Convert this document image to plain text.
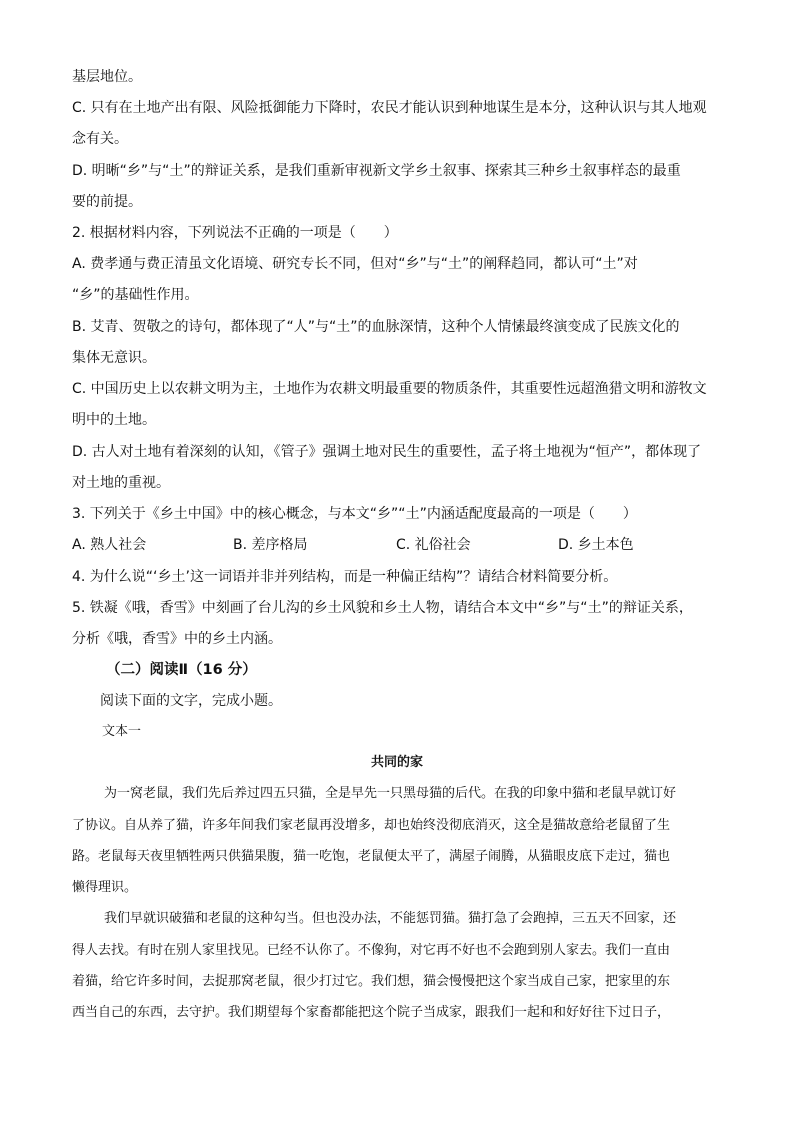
基层地位。
C. 只有在土地产出有限、风险抵御能力下降时，农民才能认识到种地谋生是本分，这种认识与其人地观
念有关。
D. 明晰“乡”与“土”的辩证关系，是我们重新审视新文学乡土叙事、探索其三种乡土叙事样态的最重
要的前提。
2. 根据材料内容，下列说法不正确的一项是（　　）
A. 费孝通与费正清虽文化语境、研究专长不同，但对“乡”与“土”的阐释趋同，都认可“土”对
“乡”的基础性作用。
B. 艾青、贺敬之的诗句，都体现了“人”与“土”的血脉深情，这种个人情愫最终演变成了民族文化的
集体无意识。
C. 中国历史上以农耕文明为主，土地作为农耕文明最重要的物质条件，其重要性远超渔猎文明和游牧文
明中的土地。
D. 古人对土地有着深刻的认知，《管子》强调土地对民生的重要性，孟子将土地视为“恒产”，都体现了
对土地的重视。
3. 下列关于《乡土中国》中的核心概念，与本文“乡”“土”内涵适配度最高的一项是（　　）
A. 熟人社会	B. 差序格局	C. 礼俗社会	D. 乡土本色
4. 为什么说“‘乡土’这一词语并非并列结构，而是一种偏正结构”？请结合材料简要分析。
5. 铁凝《哦，香雪》中刻画了台儿沟的乡土风貌和乡土人物，请结合本文中“乡”与“土”的辩证关系，
分析《哦，香雪》中的乡土内涵。
（二）阅读Ⅱ（16 分）
阅读下面的文字，完成小题。
文本一
共同的家
为一窝老鼠，我们先后养过四五只猫，全是早先一只黑母猫的后代。在我的印象中猫和老鼠早就订好
了协议。自从养了猫，许多年间我们家老鼠再没增多，却也始终没彻底消灭，这全是猫故意给老鼠留了生
路。老鼠每天夜里牺牲两只供猫果腹，猫一吃饱，老鼠便太平了，满屋子闹腾，从猫眼皮底下走过，猫也
懒得理识。
我们早就识破猫和老鼠的这种勾当。但也没办法，不能惩罚猫。猫打急了会跑掉，三五天不回家，还
得人去找。有时在别人家里找见。已经不认你了。不像狗，对它再不好也不会跑到别人家去。我们一直由
着猫，给它许多时间，去捉那窝老鼠，很少打过它。我们想，猫会慢慢把这个家当成自己家，把家里的东
西当自己的东西，去守护。我们期望每个家畜都能把这个院子当成家，跟我们一起和和好好往下过日子，
